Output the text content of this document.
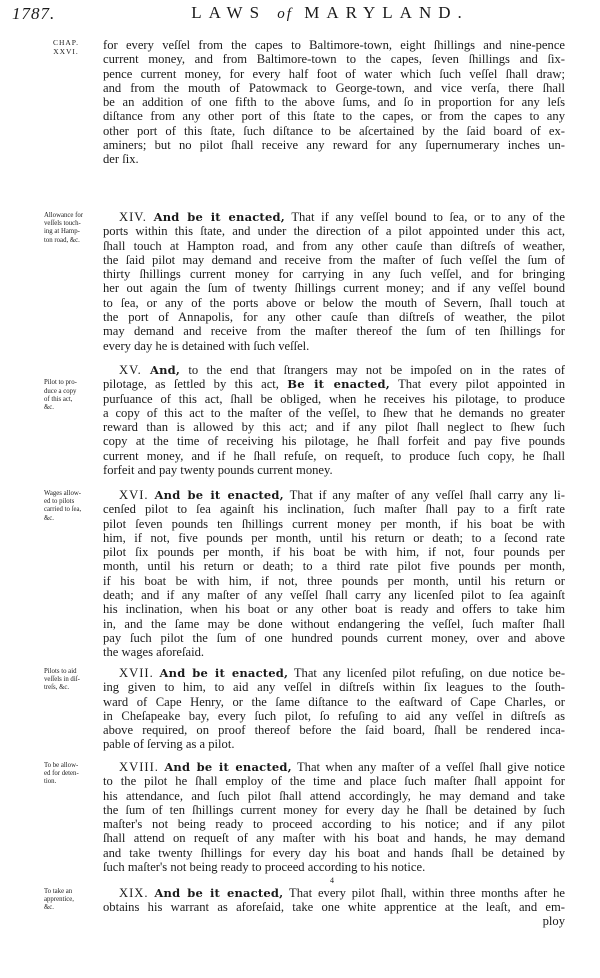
1787.	LAWS of MARYLAND.
CHAP.
XXVI.	for every veſſel from the capes to Baltimore-town, eight ſhillings and nine-pence
current money, and from Baltimore-town to the capes, ſeven ſhillings and ſix-
pence current money, for every half foot of water which ſuch veſſel ſhall draw;
and from the mouth of Patowmack to George-town, and vice verſa, there ſhall
be an addition of one fifth to the above ſums, and ſo in proportion for any leſs
diſtance from any other port of this ſtate to the capes, or from the capes to any
other port of this ſtate, ſuch diſtance to be aſcertained by the ſaid board of ex-
aminers; but no pilot ſhall receive any reward for any ſupernumerary inches un-
der ſix.
XIV. And be it enacted, That if any veſſel bound to ſea, or to any of the
ports within this ſtate, and under the direction of a pilot appointed under this act,
ſhall touch at Hampton road, and from any other cauſe than diſtreſs of weather,
the ſaid pilot may demand and receive from the maſter of ſuch veſſel the ſum of
thirty ſhillings current money for carrying in any ſuch veſſel, and for bringing
her out again the ſum of twenty ſhillings current money; and if any veſſel bound
to ſea, or any of the ports above or below the mouth of Severn, ſhall touch at
the port of Annapolis, for any other cauſe than diſtreſs of weather, the pilot
may demand and receive from the maſter thereof the ſum of ten ſhillings for
every day he is detained with ſuch veſſel.
Allowance for
veſſels touch-
ing at Hamp-
ton road, &c.
XV. And, to the end that ſtrangers may not be impoſed on in the rates of
pilotage, as ſettled by this act, Be it enacted, That every pilot appointed in
purſuance of this act, ſhall be obliged, when he receives his pilotage, to produce
a copy of this act to the maſter of the veſſel, to ſhew that he demands no greater
reward than is allowed by this act; and if any pilot ſhall neglect to ſhew ſuch
copy at the time of receiving his pilotage, he ſhall forfeit and pay five pounds
current money, and if he ſhall refuſe, on requeſt, to produce ſuch copy, he ſhall
forfeit and pay twenty pounds current money.
Pilot to pro-
duce a copy
of this act,
&c.
XVI. And be it enacted, That if any maſter of any veſſel ſhall carry any li-
cenſed pilot to ſea againſt his inclination, ſuch maſter ſhall pay to a firſt rate
pilot ſeven pounds ten ſhillings current money per month, if his boat be with
him, if not, five pounds per month, until his return or death; to a ſecond rate
pilot ſix pounds per month, if his boat be with him, if not, four pounds per
month, until his return or death; to a third rate pilot five pounds per month,
if his boat be with him, if not, three pounds per month, until his return or
death; and if any maſter of any veſſel ſhall carry any licenſed pilot to ſea againſt
his inclination, when his boat or any other boat is ready and offers to take him
in, and the ſame may be done without endangering the veſſel, ſuch maſter ſhall
pay ſuch pilot the ſum of one hundred pounds current money, over and above
the wages aforeſaid.
Wages allow-
ed to pilots
carried to ſea,
&c.
XVII. And be it enacted, That any licenſed pilot refuſing, on due notice be-
ing given to him, to aid any veſſel in diſtreſs within ſix leagues to the ſouth-
ward of Cape Henry, or the ſame diſtance to the eaſtward of Cape Charles, or
in Cheſapeake bay, every ſuch pilot, ſo refuſing to aid any veſſel in diſtreſs as
above required, on proof thereof before the ſaid board, ſhall be rendered inca-
pable of ſerving as a pilot.
Pilots to aid
veſſels in diſ-
treſs, &c.
XVIII. And be it enacted, That when any maſter of a veſſel ſhall give notice
to the pilot he ſhall employ of the time and place ſuch maſter ſhall appoint for
his attendance, and ſuch pilot ſhall attend accordingly, he may demand and take
the ſum of ten ſhillings current money for every day he ſhall be detained by ſuch
maſter's not being ready to proceed according to his notice; and if any pilot
ſhall attend on requeſt of any maſter with his boat and hands, he may demand
and take twenty ſhillings for every day his boat and hands ſhall be detained by
ſuch maſter's not being ready to proceed according to his notice.
To be allow-
ed for deten-
tion.
XIX. And be it enacted, That every pilot ſhall, within three months after he
obtains his warrant as aforeſaid, take one white apprentice at the leaſt, and em-
To take an
apprentice,
&c.
4
ploy
